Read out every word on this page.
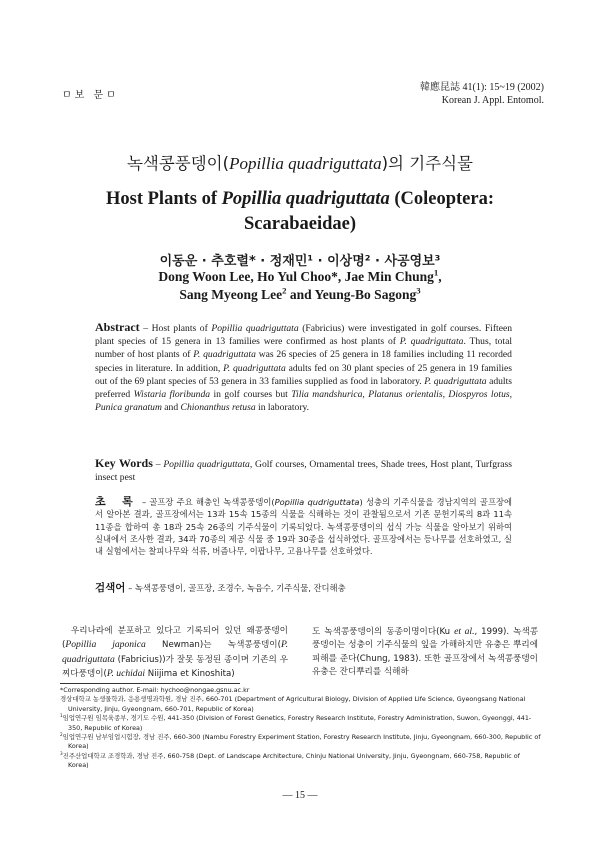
ㅁ보 문ㅁ
韓應昆誌 41(1): 15~19 (2002)
Korean J. Appl. Entomol.
녹색콩풍뎅이(Popillia quadriguttata)의 기주식물
Host Plants of Popillia quadriguttata (Coleoptera: Scarabaeidae)
이동운 · 추호렬* · 정재민¹ · 이상명² · 사공영보³
Dong Woon Lee, Ho Yul Choo*, Jae Min Chung$^1$,
Sang Myeong Lee$^2$ and Yeung-Bo Sagong$^3$
Abstract – Host plants of Popillia quadriguttata (Fabricius) were investigated in golf courses. Fifteen plant species of 15 genera in 13 families were confirmed as host plants of P. quadriguttata. Thus, total number of host plants of P. quadriguttata was 26 species of 25 genera in 18 families including 11 recorded species in literature. In addition, P. quadriguttata adults fed on 30 plant species of 25 genera in 19 families out of the 69 plant species of 53 genera in 33 families supplied as food in laboratory. P. quadriguttata adults preferred Wistaria floribunda in golf courses but Tilia mandshurica, Platanus orientalis, Diospyros lotus, Punica granatum and Chionanthus retusa in laboratory.
Key Words – Popillia quadriguttata, Golf courses, Ornamental trees, Shade trees, Host plant, Turfgrass insect pest
초 록 – 골프장 주요 해충인 녹색콩풍뎅이(Popillia qudriguttata) 성충의 기주식물을 경남지역의 골프장에서 알아본 결과, 골프장에서는 13과 15속 15종의 식물을 식해하는 것이 관찰됨으로서 기존 문헌기록의 8과 11속 11종을 합하여 총 18과 25속 26종의 기주식물이 기록되었다. 녹색콩풍뎅이의 섭식 가능 식물을 알아보기 위하여 실내에서 조사한 결과, 34과 70종의 제공 식물 중 19과 30종을 섭식하였다. 골프장에서는 등나무를 선호하였고, 실내 실험에서는 찰피나무와 석류, 버즘나무, 이팝나무, 고욤나무를 선호하였다.
검색어 – 녹색콩풍뎅이, 골프장, 조경수, 녹음수, 기주식물, 잔디해충
우리나라에 분포하고 있다고 기록되어 있던 왜콩풍뎅이(Popillia japonica Newman)는 녹색콩풍뎅이(P. quadriguttata (Fabricius))가 잘못 동정된 종이며 기존의 우찌다풍뎅이(P. uchidai Niijima et Kinoshita)
도 녹색콩풍뎅이의 동종이명이다(Ku et al., 1999). 녹색콩풍뎅이는 성충이 기주식물의 잎을 가해하지만 유충은 뿌리에 피해를 준다(Chung, 1983). 또한 골프장에서 녹색콩풍뎅이 유충은 잔디뿌리를 식해하

*Corresponding author. E-mail: hychoo@nongae.gsnu.ac.kr

경상대학교 농생물학과, 응용생명과학원, 경남 진주, 660-701 (Department of Agricultural Biology, Division of Applied Life Science, Gyeongsang National University, Jinju, Gyeongnam, 660-701, Republic of Korea)

$^1$임업연구원 임목육종부, 경기도 수원, 441-350 (Division of Forest Genetics, Forestry Research Institute, Forestry Administration, Suwon, Gyeonggi, 441-350, Republic of Korea)

$^2$임업연구원 남부임업시험장, 경남 진주, 660-300 (Nambu Forestry Experiment Station, Forestry Research Institute, Jinju, Gyeongnam, 660-300, Republic of Korea)

$^3$진주산업대학교 조경학과, 경남 진주, 660-758 (Dept. of Landscape Architecture, Chinju National University, Jinju, Gyeongnam, 660-758, Republic of Korea)

— 15 —
